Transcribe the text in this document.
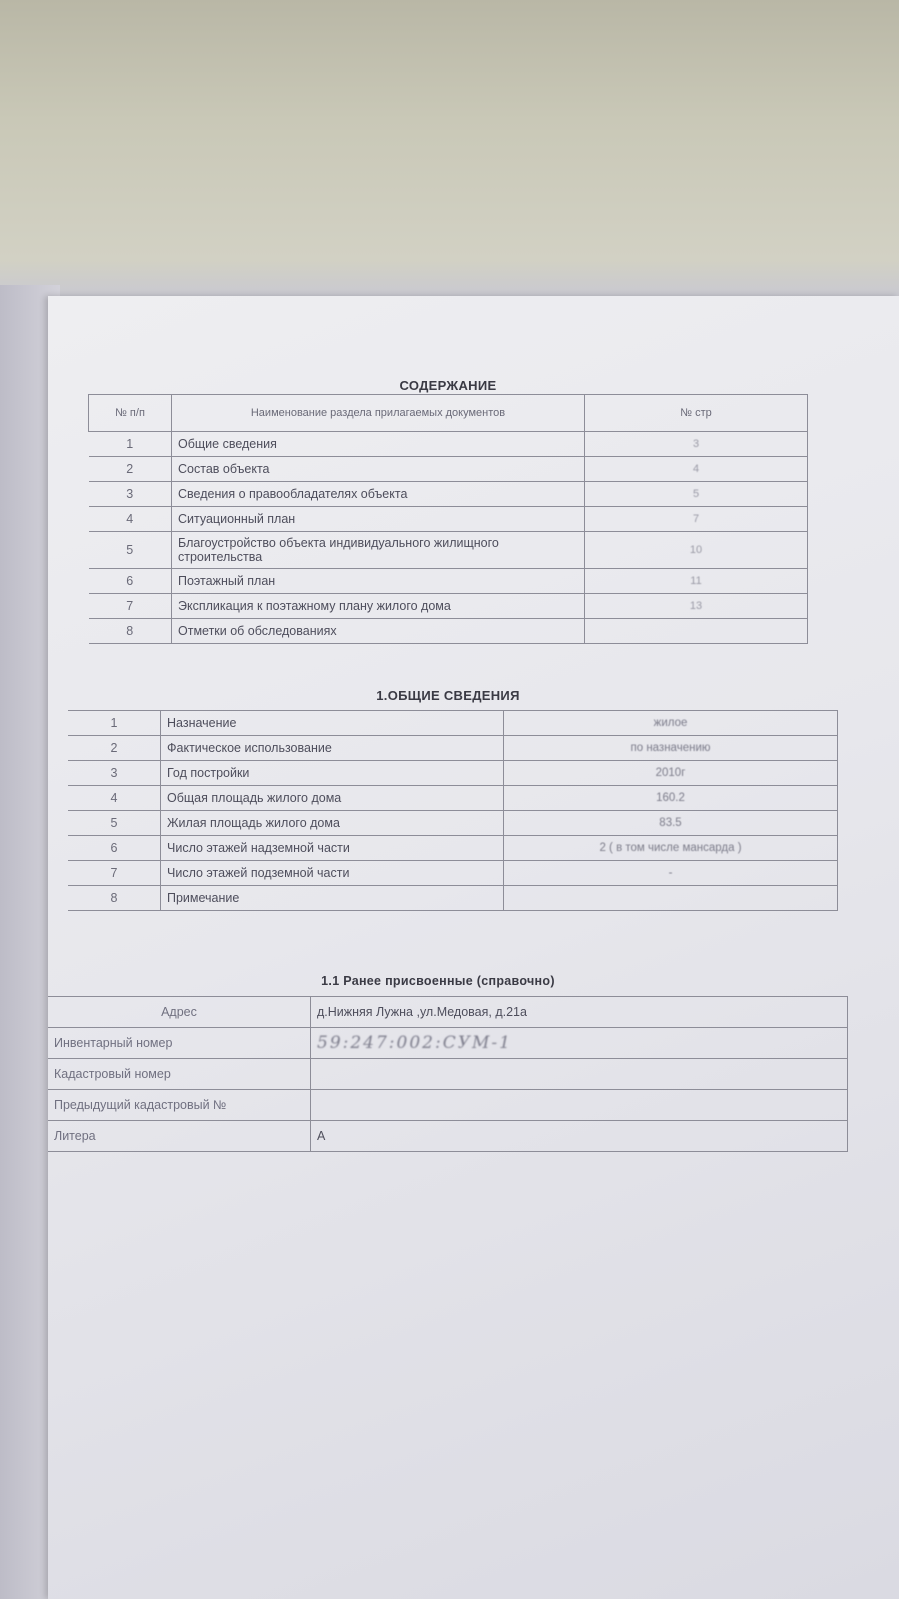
СОДЕРЖАНИЕ
№ п/п	Наименование раздела прилагаемых документов	№ стр
1	Общие сведения	3
2	Состав объекта	4
3	Сведения о правообладателях объекта	5
4	Ситуационный план	7
5	Благоустройство объекта индивидуального жилищного строительства	10
6	Поэтажный план	11
7	Экспликация к поэтажному плану жилого дома	13
8	Отметки об обследованиях	
1.ОБЩИЕ СВЕДЕНИЯ
1	Назначение	жилое
2	Фактическое использование	по назначению
3	Год постройки	2010г
4	Общая площадь жилого дома	160.2
5	Жилая площадь жилого дома	83.5
6	Число этажей надземной части	2 ( в том числе мансарда )
7	Число этажей подземной части	-
8	Примечание	
1.1 Ранее присвоенные (справочно)
Адрес	д.Нижняя Лужна ,ул.Медовая, д.21а
Инвентарный номер	59:247:002:СУМ-1
Кадастровый номер	
Предыдущий кадастровый №	
Литера	А
